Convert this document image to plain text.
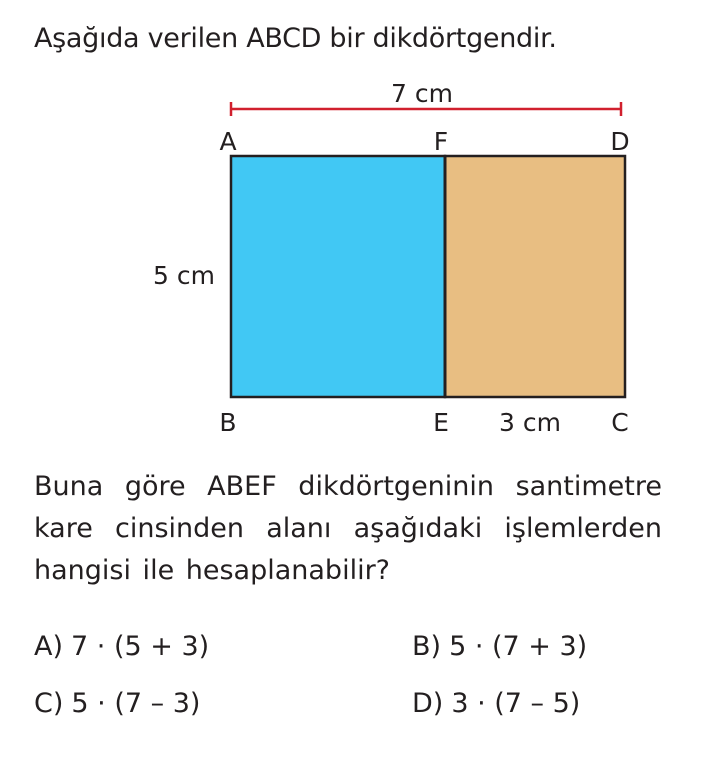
Aşağıda verilen ABCD bir dikdörtgendir.
7 cm
A	F	D
B	E	C
5 cm
3 cm
Buna göre ABEF dikdörtgeninin santimetre kare cinsinden alanı aşağıdaki işlemlerden hangisi ile hesaplanabilir?
A) 7 · (5 + 3)	B) 5 · (7 + 3)
C) 5 · (7 – 3)	D) 3 · (7 – 5)
